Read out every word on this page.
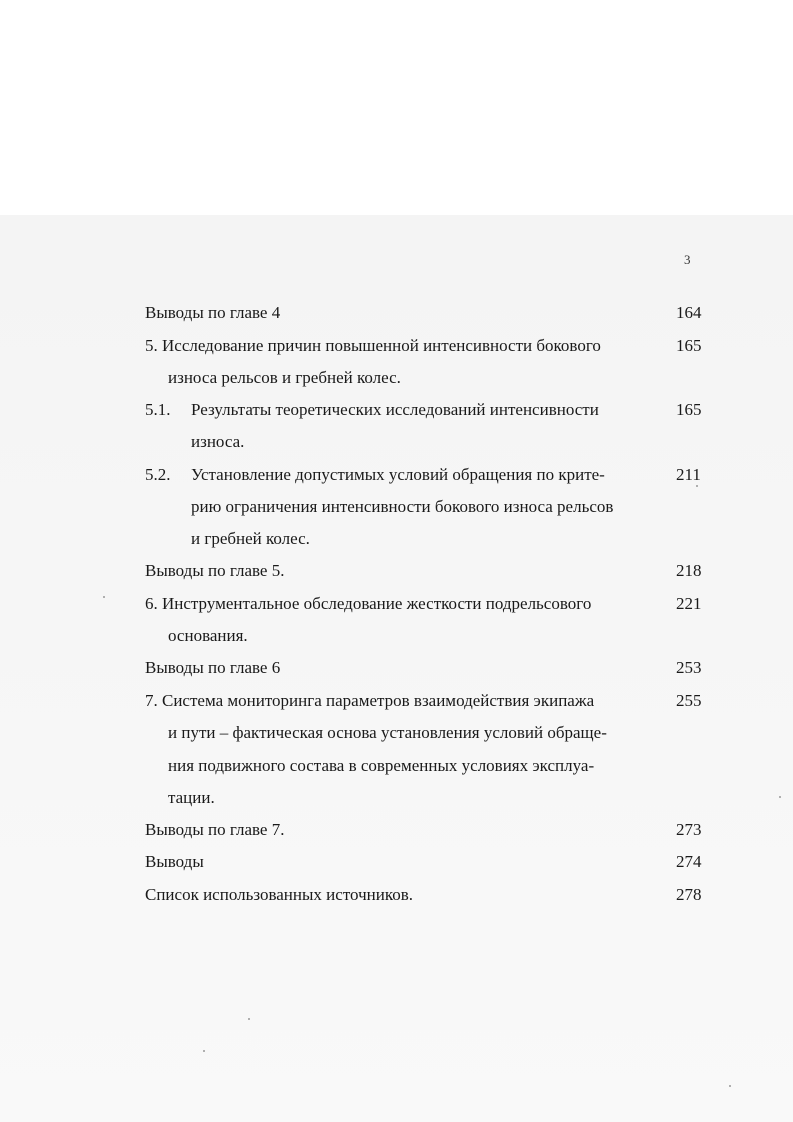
3
Выводы по главе 4	164
5. Исследование причин повышенной интенсивности бокового
износа рельсов и гребней колес.
165
5.1. Результаты теоретических исследований интенсивности
износа.
165
5.2. Установление допустимых условий обращения по крите-
рию ограничения интенсивности бокового износа рельсов
и гребней колес.
211
Выводы по главе 5.	218
6. Инструментальное обследование жесткости подрельсового
основания.
221
Выводы по главе 6	253
7. Система мониторинга параметров взаимодействия экипажа
и пути – фактическая основа установления условий обраще-
ния подвижного состава в современных условиях эксплуа-
тации.
255
Выводы по главе 7.	273
Выводы	274
Список использованных источников.	278
